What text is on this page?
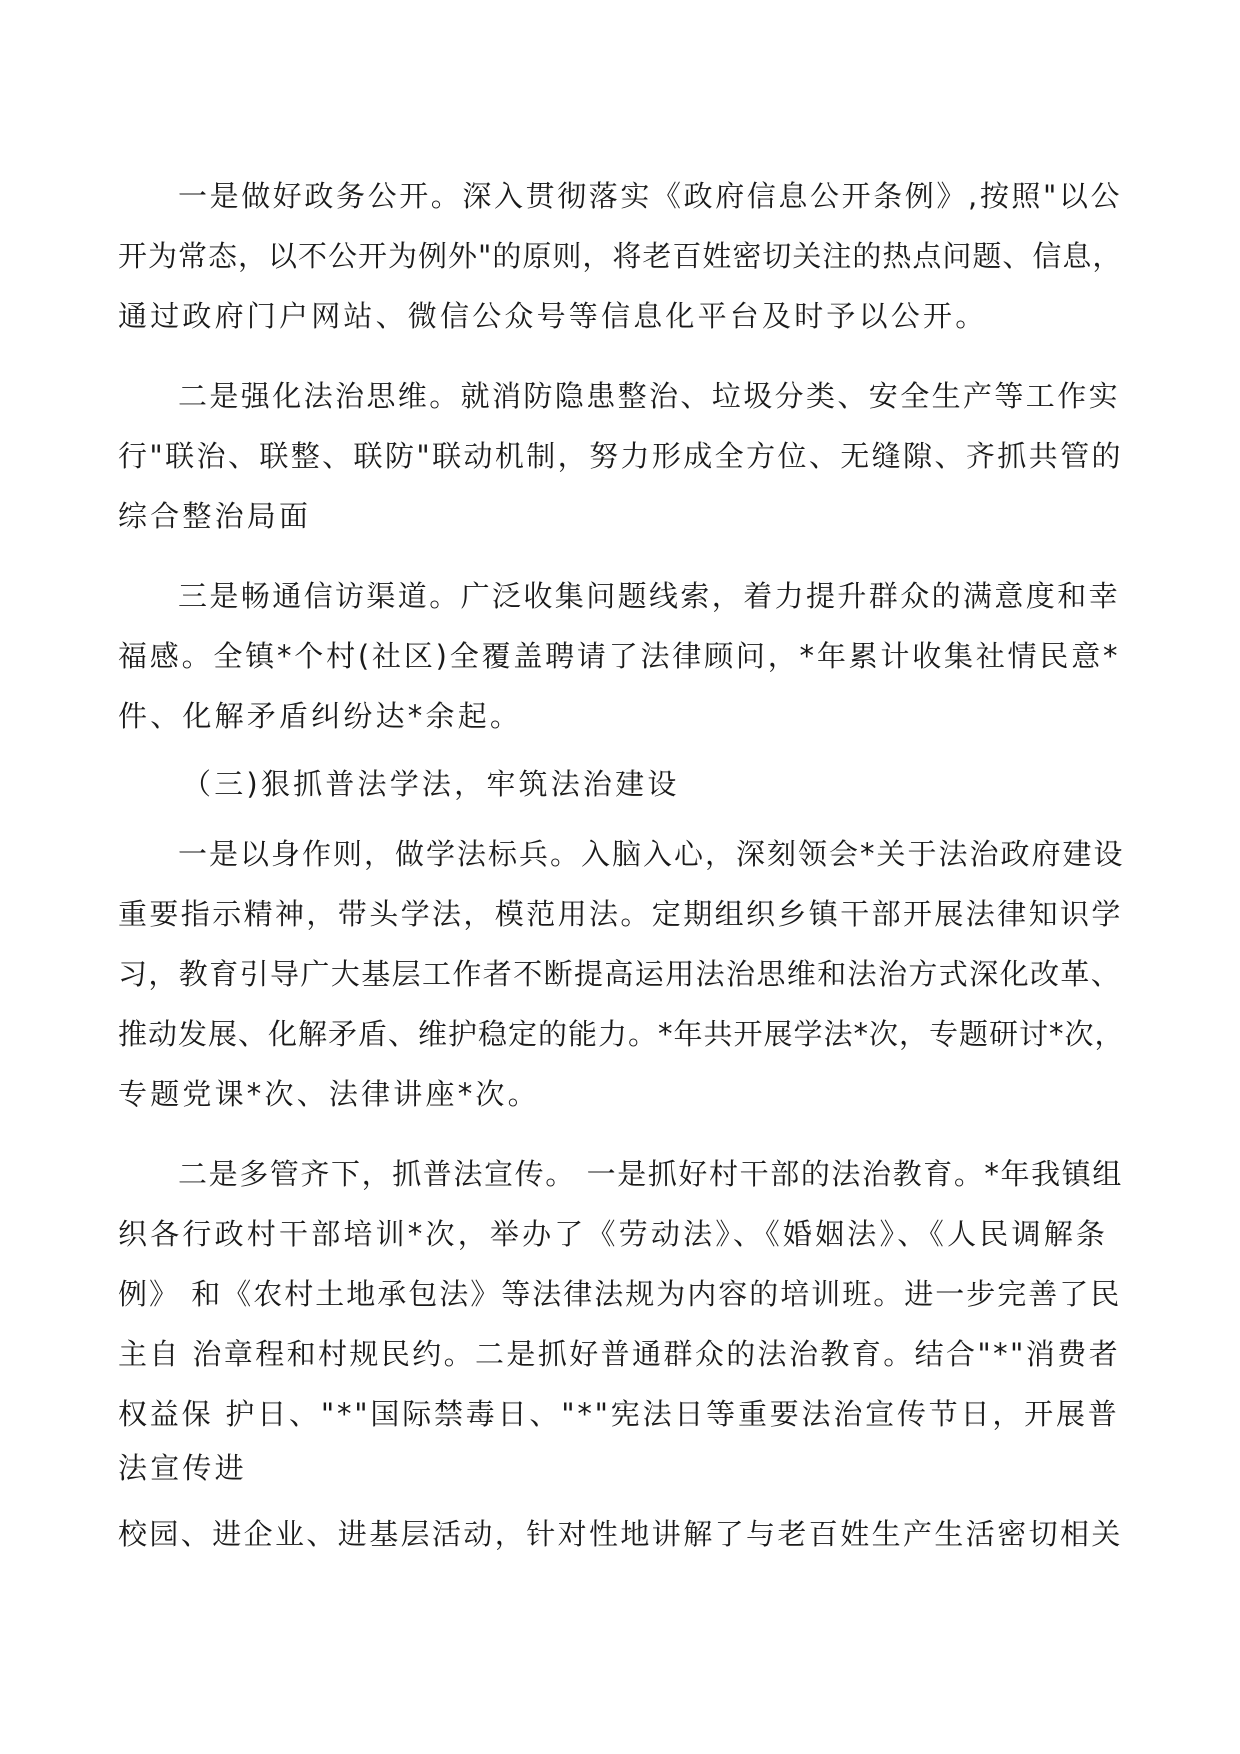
一是做好政务公开。深入贯彻落实《政府信息公开条例》,按照"以公
开为常态，以不公开为例外"的原则，将老百姓密切关注的热点问题、信息，
通过政府门户网站、微信公众号等信息化平台及时予以公开。
二是强化法治思维。就消防隐患整治、垃圾分类、安全生产等工作实
行"联治、联整、联防"联动机制，努力形成全方位、无缝隙、齐抓共管的
综合整治局面
三是畅通信访渠道。广泛收集问题线索，着力提升群众的满意度和幸
福感。全镇*个村(社区)全覆盖聘请了法律顾问，*年累计收集社情民意*
件、化解矛盾纠纷达*余起。
（三)狠抓普法学法，牢筑法治建设
一是以身作则，做学法标兵。入脑入心，深刻领会*关于法治政府建设
重要指示精神，带头学法，模范用法。定期组织乡镇干部开展法律知识学
习，教育引导广大基层工作者不断提高运用法治思维和法治方式深化改革、
推动发展、化解矛盾、维护稳定的能力。*年共开展学法*次，专题研讨*次，
专题党课*次、法律讲座*次。
二是多管齐下，抓普法宣传。 一是抓好村干部的法治教育。*年我镇组
织各行政村干部培训*次，举办了《劳动法》、《婚姻法》、《人民调解条
例》 和《农村土地承包法》等法律法规为内容的培训班。进一步完善了民
主自 治章程和村规民约。二是抓好普通群众的法治教育。结合"*"消费者
权益保 护日、"*"国际禁毒日、"*"宪法日等重要法治宣传节日，开展普
法宣传进
校园、进企业、进基层活动，针对性地讲解了与老百姓生产生活密切相关
